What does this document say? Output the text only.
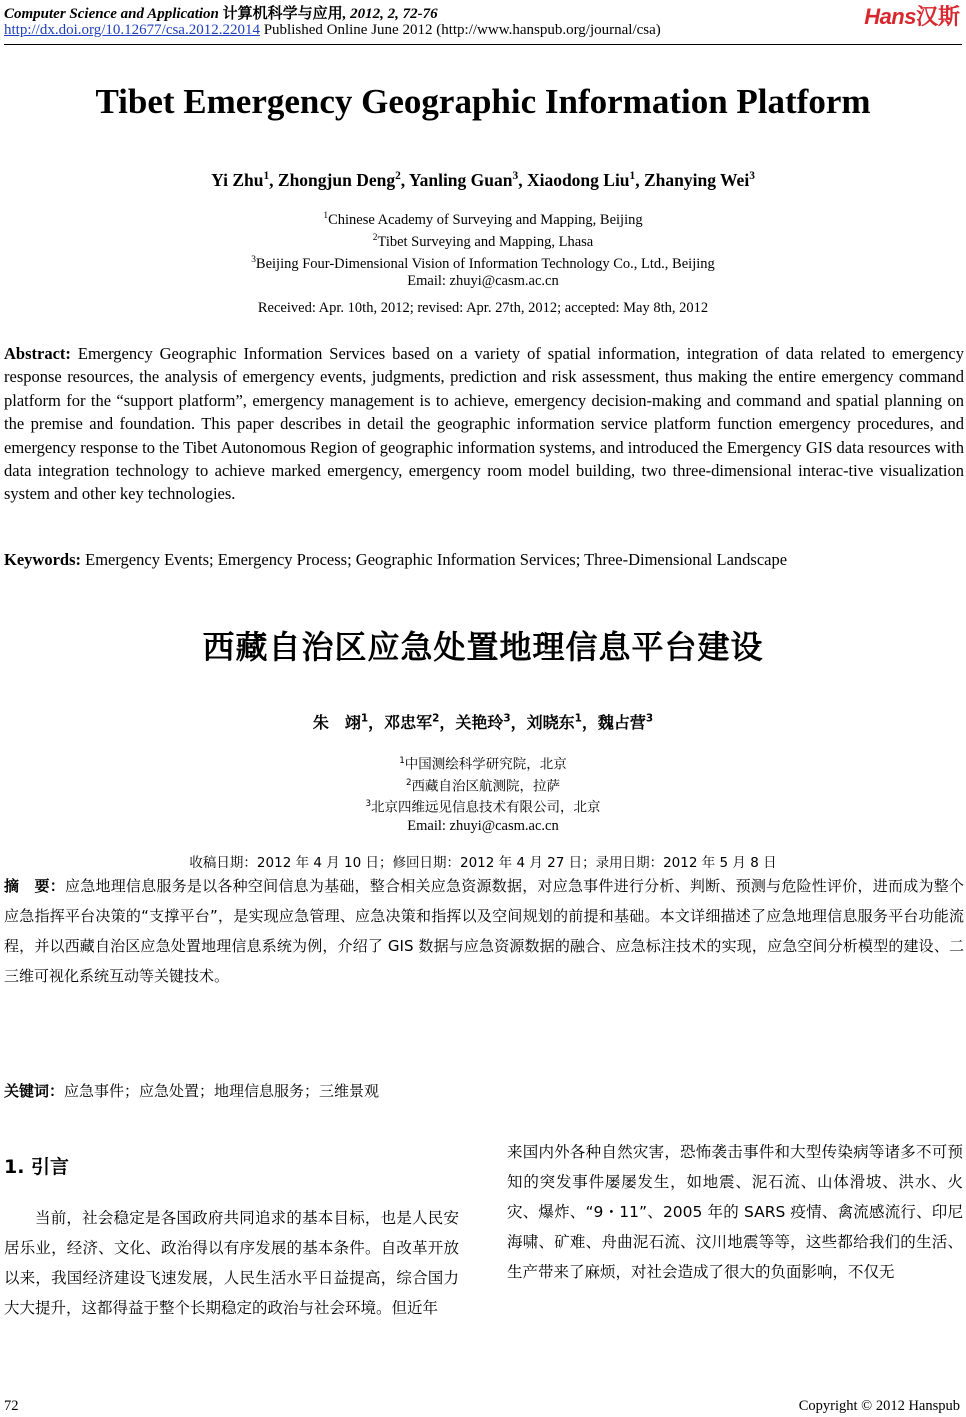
Computer Science and Application 计算机科学与应用, 2012, 2, 72-76
http://dx.doi.org/10.12677/csa.2012.22014 Published Online June 2012 (http://www.hanspub.org/journal/csa)
Hans汉斯
Tibet Emergency Geographic Information Platform
Yi Zhu$^1$, Zhongjun Deng$^2$, Yanling Guan$^3$, Xiaodong Liu$^1$, Zhanying Wei$^3$
$^1$Chinese Academy of Surveying and Mapping, Beijing
$^2$Tibet Surveying and Mapping, Lhasa
$^3$Beijing Four-Dimensional Vision of Information Technology Co., Ltd., Beijing
Email: zhuyi@casm.ac.cn
Received: Apr. 10th, 2012; revised: Apr. 27th, 2012; accepted: May 8th, 2012
Abstract: Emergency Geographic Information Services based on a variety of spatial information, integration of data related to emergency response resources, the analysis of emergency events, judgments, prediction and risk assessment, thus making the entire emergency command platform for the “support platform”, emergency management is to achieve, emergency decision-making and command and spatial planning on the premise and foundation. This paper describes in detail the geographic information service platform function emergency procedures, and emergency response to the Tibet Autonomous Region of geographic information systems, and introduced the Emergency GIS data resources with data integration technology to achieve marked emergency, emergency room model building, two three-dimensional interac-tive visualization system and other key technologies.
Keywords: Emergency Events; Emergency Process; Geographic Information Services; Three-Dimensional Landscape
西藏自治区应急处置地理信息平台建设
朱　翊$^1$，邓忠军$^2$，关艳玲$^3$，刘晓东$^1$，魏占营$^3$
$^1$中国测绘科学研究院，北京
$^2$西藏自治区航测院，拉萨
$^3$北京四维远见信息技术有限公司，北京
Email: zhuyi@casm.ac.cn
收稿日期：2012 年 4 月 10 日；修回日期：2012 年 4 月 27 日；录用日期：2012 年 5 月 8 日
摘　要：应急地理信息服务是以各种空间信息为基础，整合相关应急资源数据，对应急事件进行分析、判断、预测与危险性评价，进而成为整个应急指挥平台决策的“支撑平台”，是实现应急管理、应急决策和指挥以及空间规划的前提和基础。本文详细描述了应急地理信息服务平台功能流程，并以西藏自治区应急处置地理信息系统为例，介绍了 GIS 数据与应急资源数据的融合、应急标注技术的实现，应急空间分析模型的建设、二三维可视化系统互动等关键技术。
关键词：应急事件；应急处置；地理信息服务；三维景观
1. 引言
当前，社会稳定是各国政府共同追求的基本目标，也是人民安居乐业，经济、文化、政治得以有序发展的基本条件。自改革开放以来，我国经济建设飞速发展，人民生活水平日益提高，综合国力大大提升，这都得益于整个长期稳定的政治与社会环境。但近年
来国内外各种自然灾害，恐怖袭击事件和大型传染病等诸多不可预知的突发事件屡屡发生，如地震、泥石流、山体滑坡、洪水、火灾、爆炸、“9・11”、2005 年的 SARS 疫情、禽流感流行、印尼海啸、矿难、舟曲泥石流、汶川地震等等，这些都给我们的生活、生产带来了麻烦，对社会造成了很大的负面影响，不仅无
72	Copyright © 2012 Hanspub
